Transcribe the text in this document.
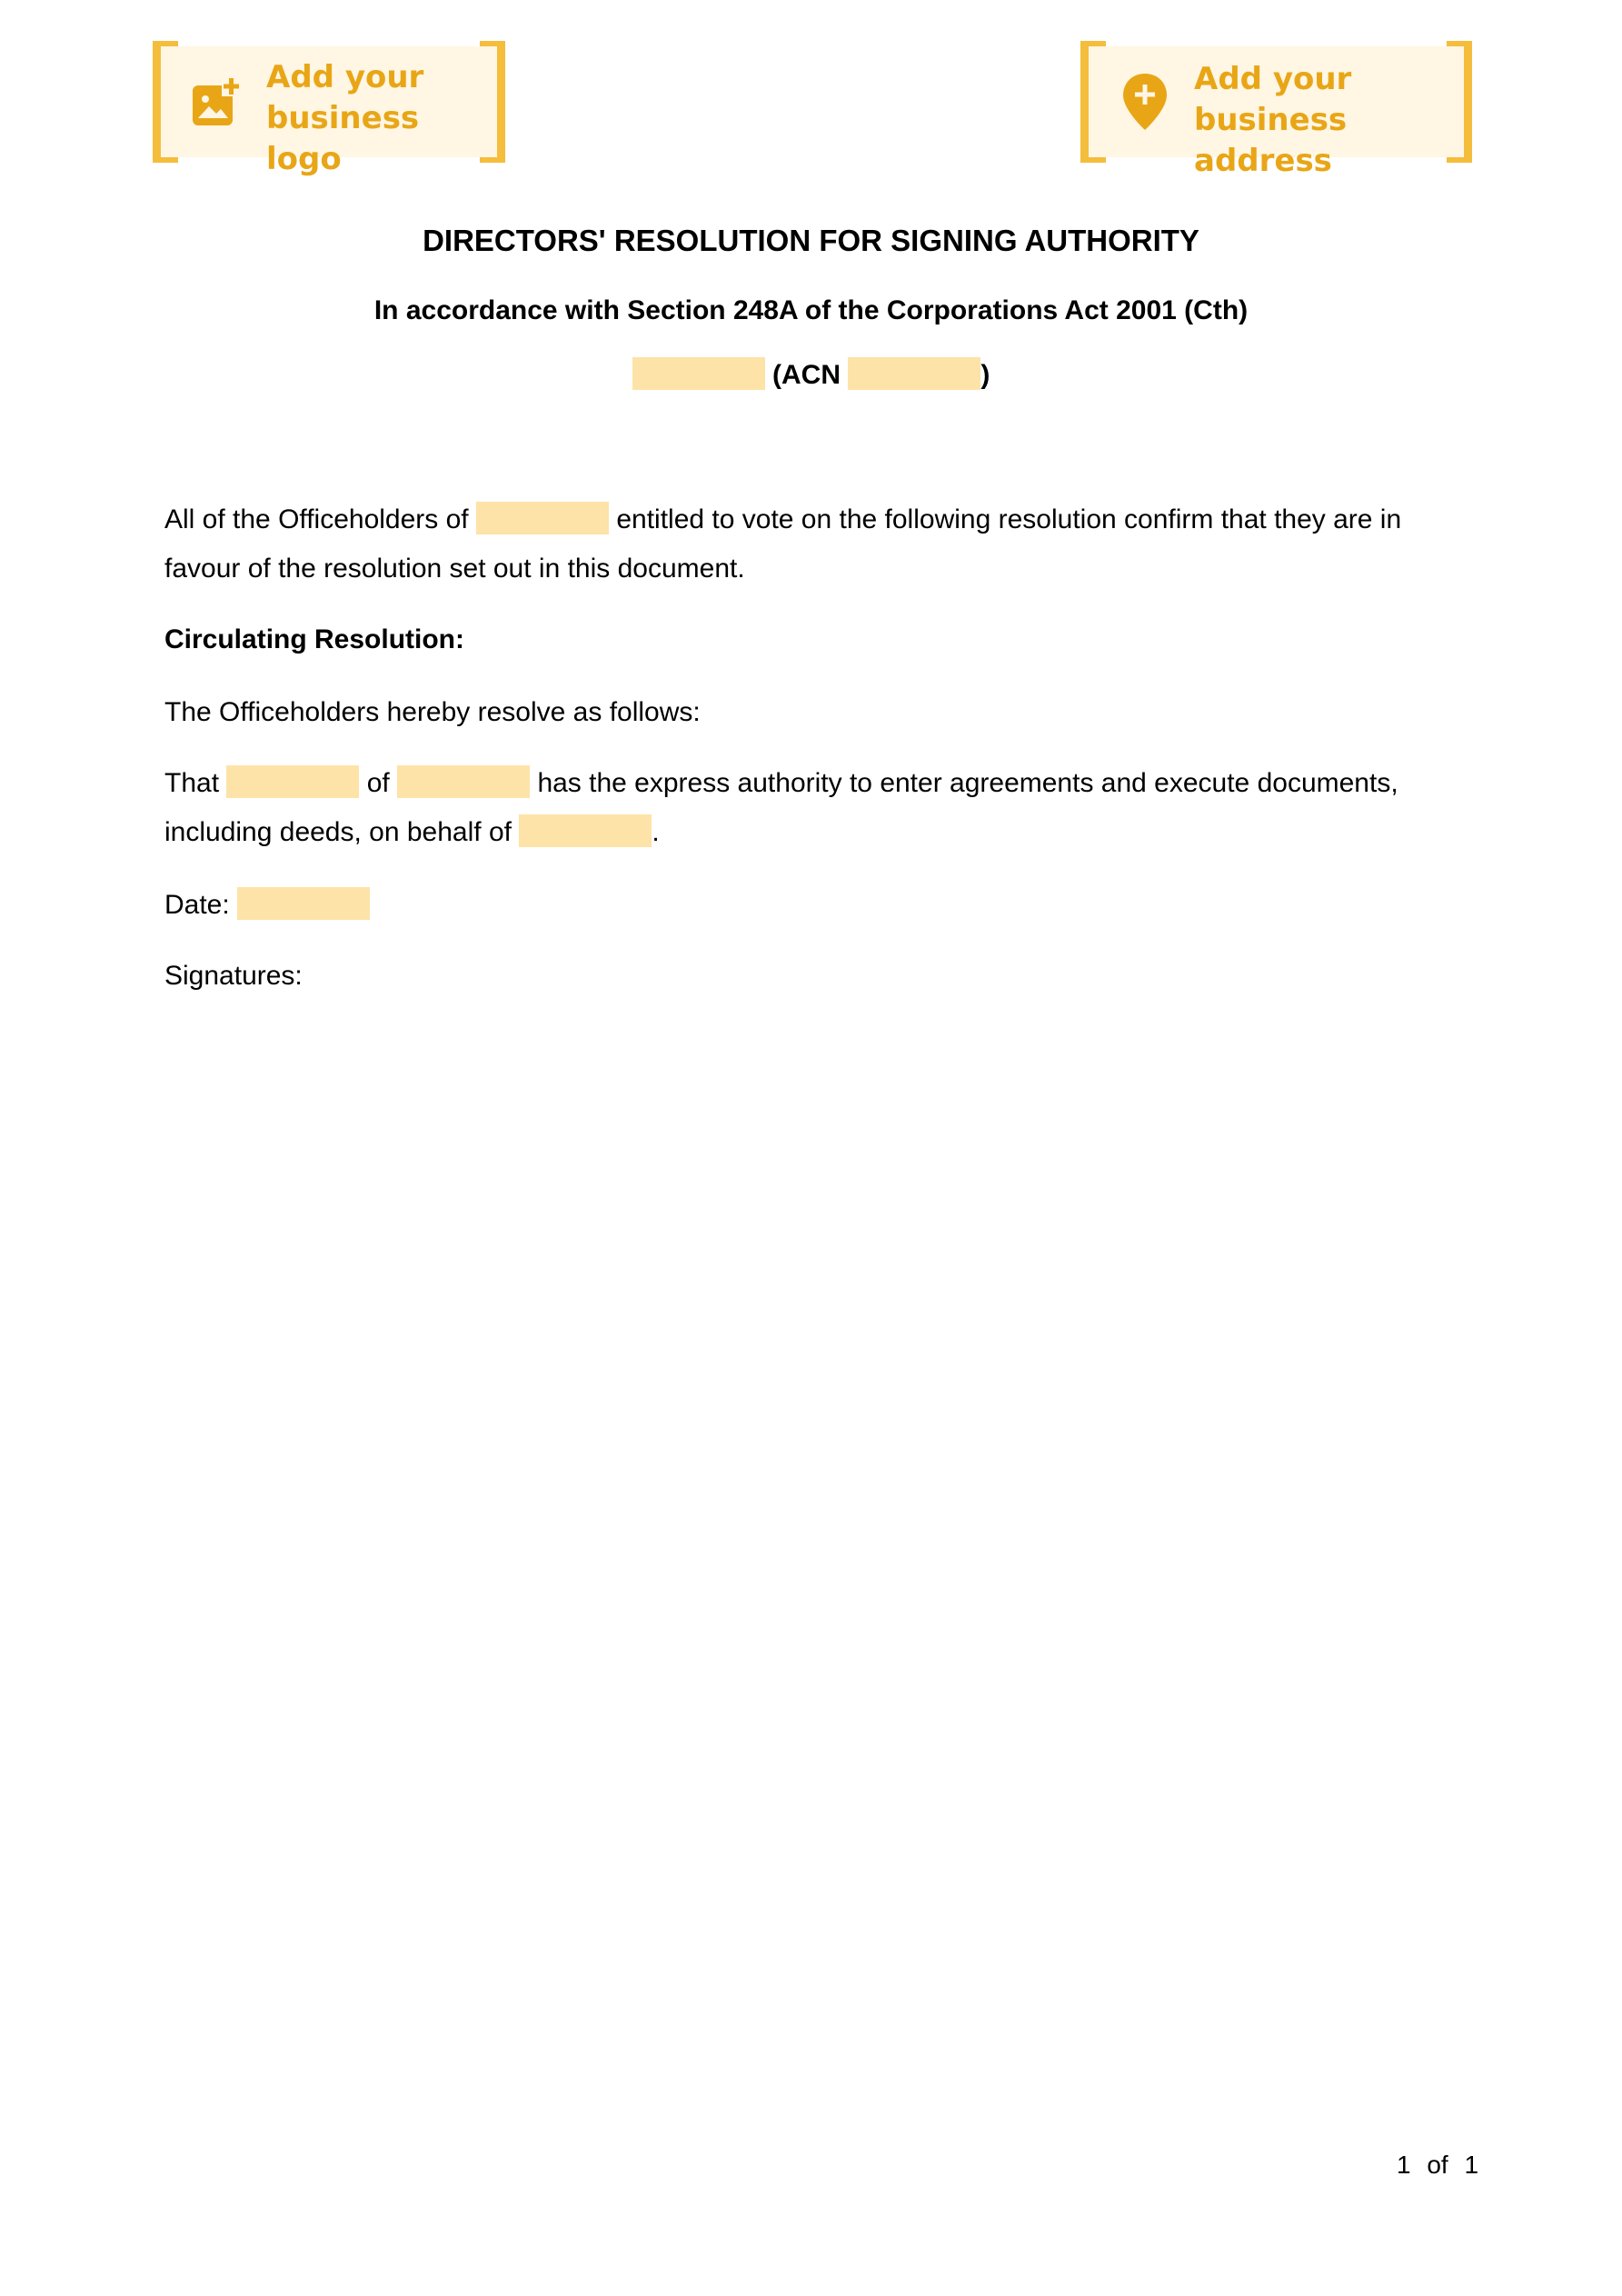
Add your
business logo
Add your
business address
DIRECTORS' RESOLUTION FOR SIGNING AUTHORITY
In accordance with Section 248A of the Corporations Act 2001 (Cth)
(ACN	)
All of the Officeholders of	entitled to vote on the following resolution confirm that they are in
favour of the resolution set out in this document.
Circulating Resolution:
The Officeholders hereby resolve as follows:
That	of	has the express authority to enter agreements and execute documents,
including deeds, on behalf of	.
Date:
Signatures:
1 of 1
